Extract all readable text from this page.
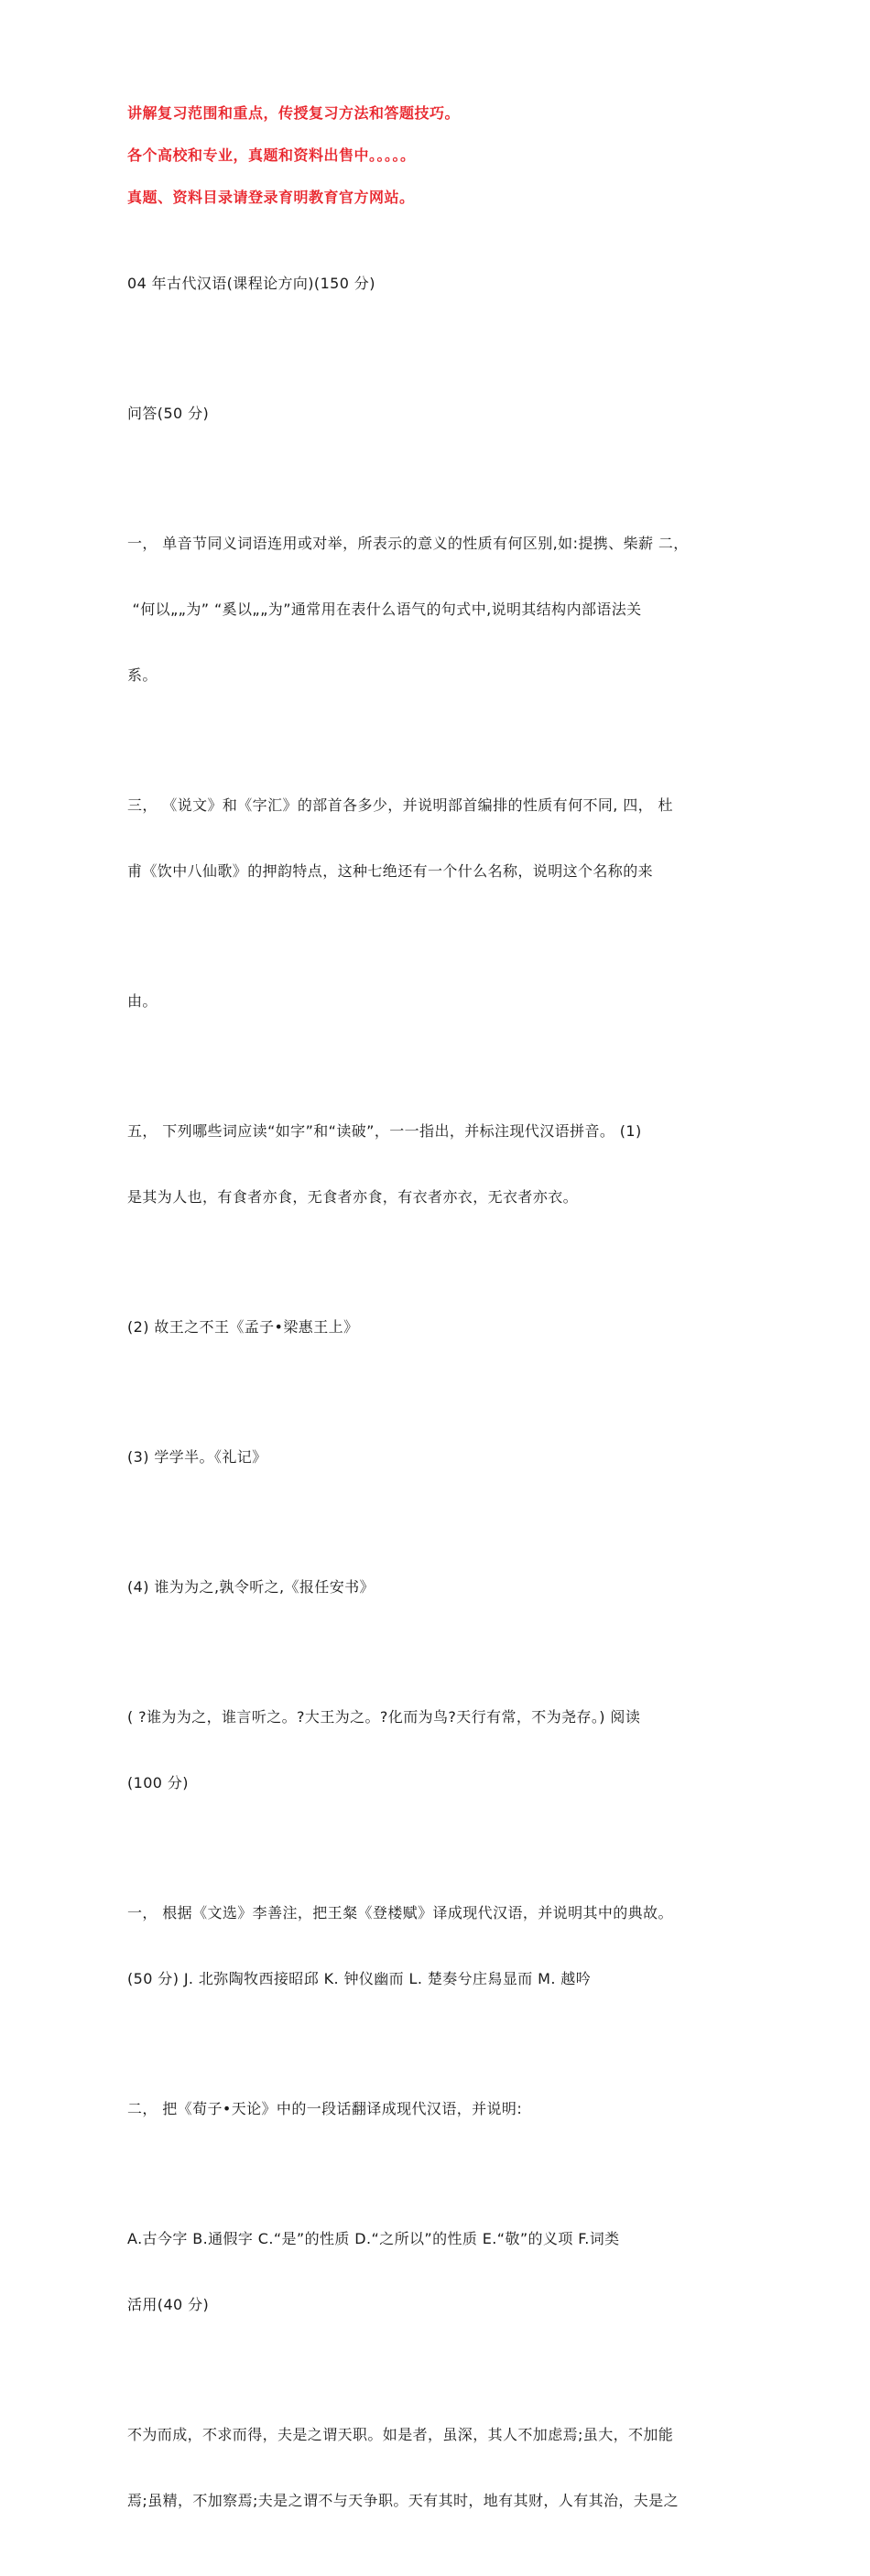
讲解复习范围和重点，传授复习方法和答题技巧。
各个高校和专业，真题和资料出售中。。。。。
真题、资料目录请登录育明教育官方网站。

04 年古代汉语(课程论方向)(150 分)

问答(50 分)

一， 单音节同义词语连用或对举，所表示的意义的性质有何区别,如:提携、柴薪 二，

“何以„„为” “奚以„„为”通常用在表什么语气的句式中,说明其结构内部语法关

系。

三， 《说文》和《字汇》的部首各多少，并说明部首编排的性质有何不同, 四， 杜

甫《饮中八仙歌》的押韵特点，这种七绝还有一个什么名称，说明这个名称的来

由。

五， 下列哪些词应读“如字”和“读破”，一一指出，并标注现代汉语拼音。 (1)

是其为人也，有食者亦食，无食者亦食，有衣者亦衣，无衣者亦衣。

(2) 故王之不王《孟子•梁惠王上》

(3) 学学半。《礼记》

(4) 谁为为之,孰令听之,《报任安书》

( ?谁为为之，谁言听之。?大王为之。?化而为鸟?天行有常，不为尧存。) 阅读

(100 分)

一， 根据《文选》李善注，把王粲《登楼赋》译成现代汉语，并说明其中的典故。

(50 分) J. 北弥陶牧西接昭邱 K. 钟仪幽而 L. 楚奏兮庄舄显而 M. 越吟

二， 把《荀子•天论》中的一段话翻译成现代汉语，并说明:

A.古今字 B.通假字 C.“是”的性质 D.“之所以”的性质 E.“敬”的义项 F.词类

活用(40 分)

不为而成，不求而得，夫是之谓天职。如是者，虽深，其人不加虑焉;虽大，不加能

焉;虽精，不加察焉;夫是之谓不与天争职。天有其时，地有其财，人有其治，夫是之
